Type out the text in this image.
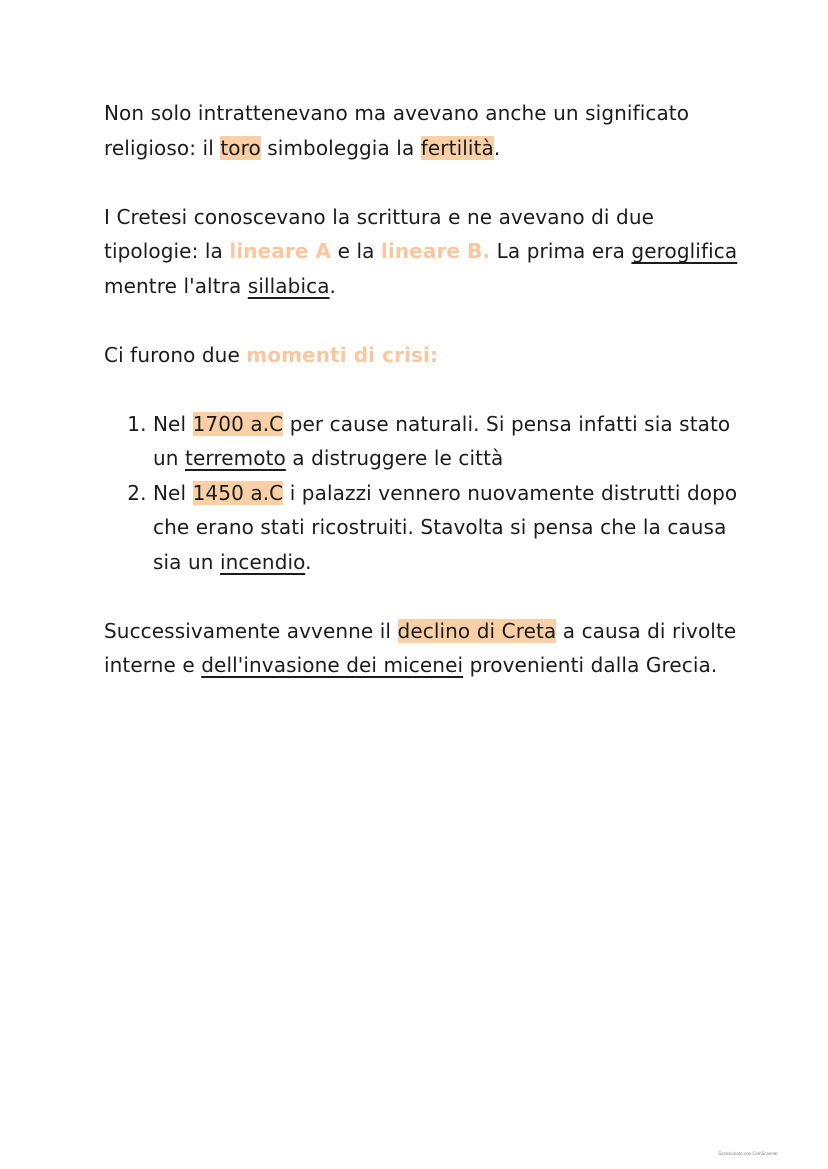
Non solo intrattenevano ma avevano anche un significato religioso: il toro simboleggia la fertilità.

I Cretesi conoscevano la scrittura e ne avevano di due tipologie: la lineare A e la lineare B. La prima era geroglifica mentre l'altra sillabica.

Ci furono due momenti di crisi:

1. Nel 1700 a.C per cause naturali. Si pensa infatti sia stato un terremoto a distruggere le città
2. Nel 1450 a.C i palazzi vennero nuovamente distrutti dopo che erano stati ricostruiti. Stavolta si pensa che la causa sia un incendio.

Successivamente avvenne il declino di Creta a causa di rivolte interne e dell'invasione dei micenei provenienti dalla Grecia.

Scansionato con CamScanner
